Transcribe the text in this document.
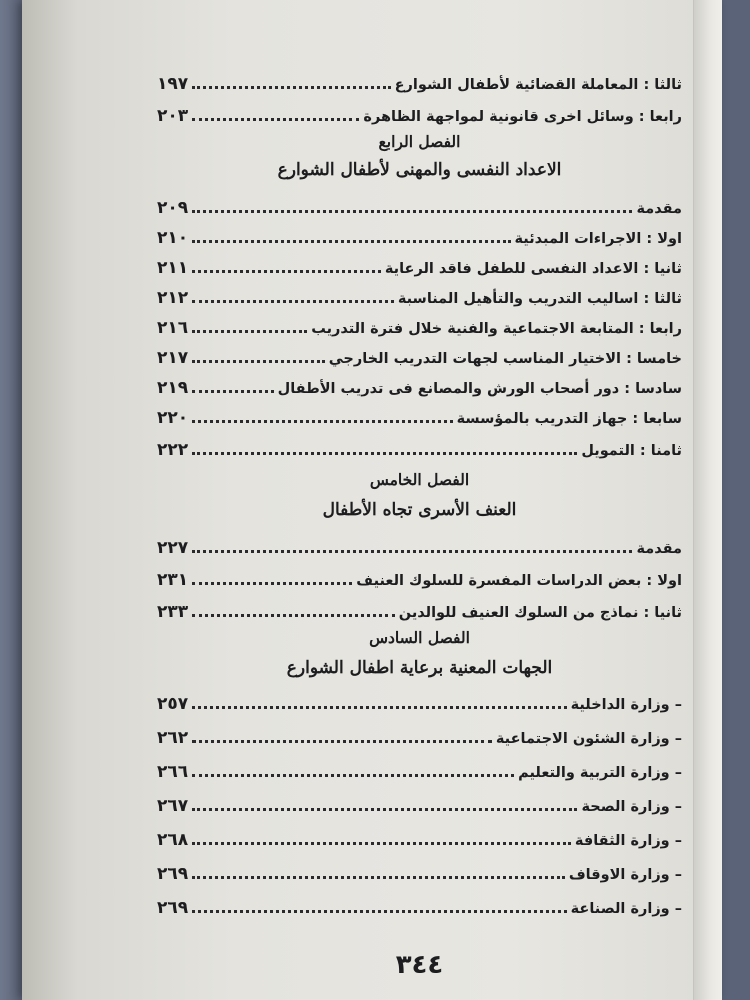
ثالثا : المعاملة القضائية لأطفال الشوارع
١٩٧
رابعا : وسائل اخرى قانونية لمواجهة الظاهرة
٢٠٣
الفصل الرابع
الاعداد النفسى والمهنى لأطفال الشوارع
مقدمة
٢٠٩
اولا : الاجراءات المبدئية
٢١٠
ثانيا : الاعداد النفسى للطفل فاقد الرعاية
٢١١
ثالثا : اساليب التدريب والتأهيل المناسبة
٢١٢
رابعا : المتابعة الاجتماعية والفنية خلال فترة التدريب
٢١٦
خامسا : الاختيار المناسب لجهات التدريب الخارجي
٢١٧
سادسا : دور أصحاب الورش والمصانع فى تدريب الأطفال
٢١٩
سابعا : جهاز التدريب بالمؤسسة
٢٢٠
ثامنا : التمويل
٢٢٢
الفصل الخامس
العنف الأسرى تجاه الأطفال
مقدمة
٢٢٧
اولا : بعض الدراسات المفسرة للسلوك العنيف
٢٣١
ثانيا : نماذج من السلوك العنيف للوالدين
٢٣٣
الفصل السادس
الجهات المعنية برعاية اطفال الشوارع
– وزارة الداخلية
٢٥٧
– وزارة الشئون الاجتماعية
٢٦٢
– وزارة التربية والتعليم
٢٦٦
– وزارة الصحة
٢٦٧
– وزارة الثقافة
٢٦٨
– وزارة الاوقاف
٢٦٩
– وزارة الصناعة
٢٦٩
٣٤٤
